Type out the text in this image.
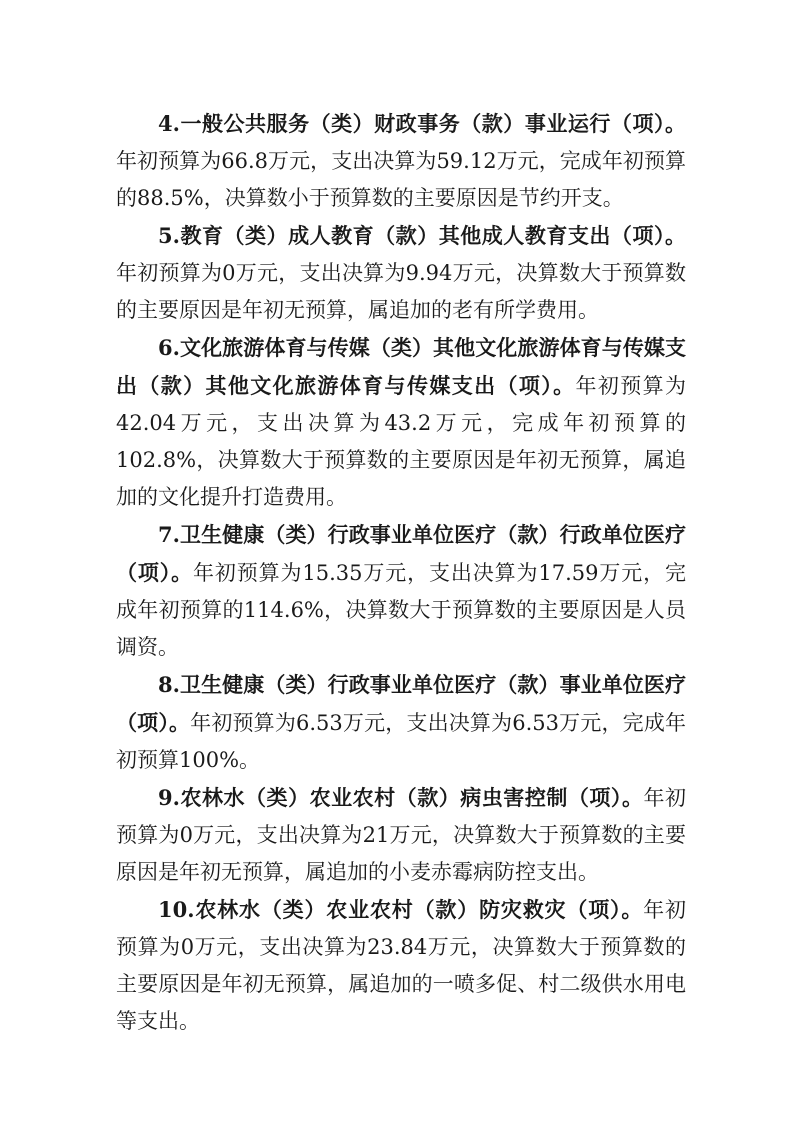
4.一般公共服务（类）财政事务（款）事业运行（项）。年初预算为66.8万元，支出决算为59.12万元，完成年初预算的88.5%，决算数小于预算数的主要原因是节约开支。

5.教育（类）成人教育（款）其他成人教育支出（项）。年初预算为0万元，支出决算为9.94万元，决算数大于预算数的主要原因是年初无预算，属追加的老有所学费用。

6.文化旅游体育与传媒（类）其他文化旅游体育与传媒支出（款）其他文化旅游体育与传媒支出（项）。年初预算为42.04万元，支出决算为43.2万元，完成年初预算的102.8%，决算数大于预算数的主要原因是年初无预算，属追加的文化提升打造费用。

7.卫生健康（类）行政事业单位医疗（款）行政单位医疗（项）。年初预算为15.35万元，支出决算为17.59万元，完成年初预算的114.6%，决算数大于预算数的主要原因是人员调资。

8.卫生健康（类）行政事业单位医疗（款）事业单位医疗（项）。年初预算为6.53万元，支出决算为6.53万元，完成年初预算100%。

9.农林水（类）农业农村（款）病虫害控制（项）。年初预算为0万元，支出决算为21万元，决算数大于预算数的主要原因是年初无预算，属追加的小麦赤霉病防控支出。

10.农林水（类）农业农村（款）防灾救灾（项）。年初预算为0万元，支出决算为23.84万元，决算数大于预算数的主要原因是年初无预算，属追加的一喷多促、村二级供水用电等支出。
